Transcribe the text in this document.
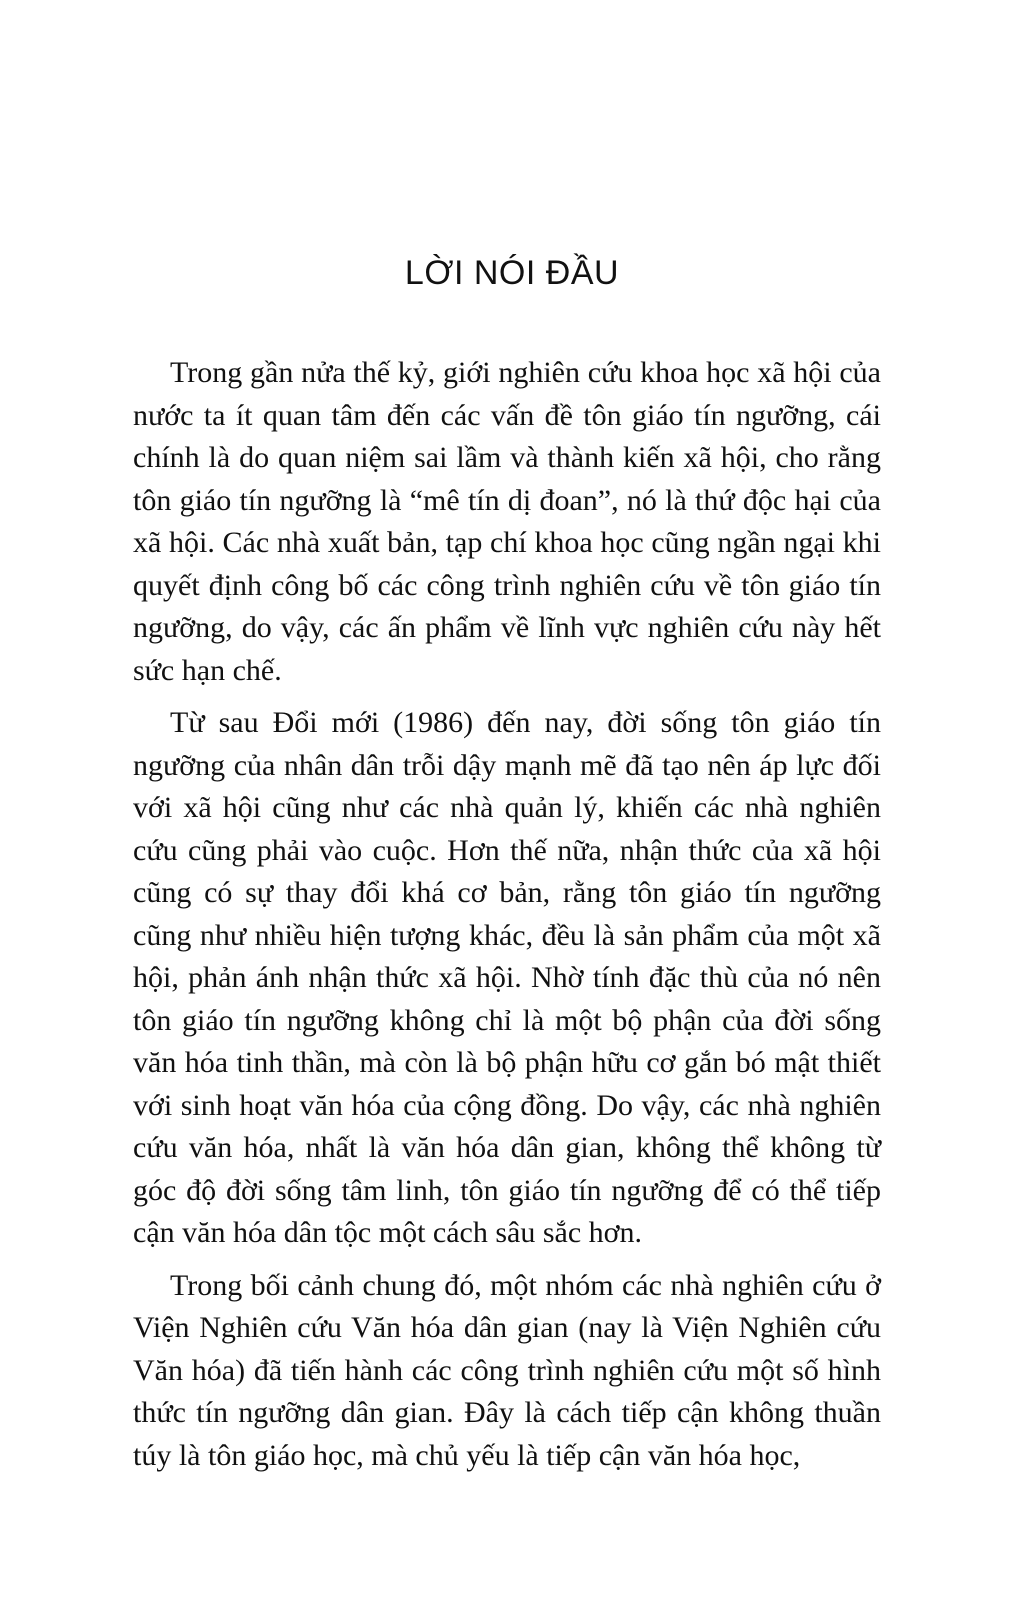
LỜI NÓI ĐẦU

Trong gần nửa thế kỷ, giới nghiên cứu khoa học xã hội của nước ta ít quan tâm đến các vấn đề tôn giáo tín ngưỡng, cái chính là do quan niệm sai lầm và thành kiến xã hội, cho rằng tôn giáo tín ngưỡng là “mê tín dị đoan”, nó là thứ độc hại của xã hội. Các nhà xuất bản, tạp chí khoa học cũng ngần ngại khi quyết định công bố các công trình nghiên cứu về tôn giáo tín ngưỡng, do vậy, các ấn phẩm về lĩnh vực nghiên cứu này hết sức hạn chế.

Từ sau Đổi mới (1986) đến nay, đời sống tôn giáo tín ngưỡng của nhân dân trỗi dậy mạnh mẽ đã tạo nên áp lực đối với xã hội cũng như các nhà quản lý, khiến các nhà nghiên cứu cũng phải vào cuộc. Hơn thế nữa, nhận thức của xã hội cũng có sự thay đổi khá cơ bản, rằng tôn giáo tín ngưỡng cũng như nhiều hiện tượng khác, đều là sản phẩm của một xã hội, phản ánh nhận thức xã hội. Nhờ tính đặc thù của nó nên tôn giáo tín ngưỡng không chỉ là một bộ phận của đời sống văn hóa tinh thần, mà còn là bộ phận hữu cơ gắn bó mật thiết với sinh hoạt văn hóa của cộng đồng. Do vậy, các nhà nghiên cứu văn hóa, nhất là văn hóa dân gian, không thể không từ góc độ đời sống tâm linh, tôn giáo tín ngưỡng để có thể tiếp cận văn hóa dân tộc một cách sâu sắc hơn.

Trong bối cảnh chung đó, một nhóm các nhà nghiên cứu ở Viện Nghiên cứu Văn hóa dân gian (nay là Viện Nghiên cứu Văn hóa) đã tiến hành các công trình nghiên cứu một số hình thức tín ngưỡng dân gian. Đây là cách tiếp cận không thuần túy là tôn giáo học, mà chủ yếu là tiếp cận văn hóa học,
